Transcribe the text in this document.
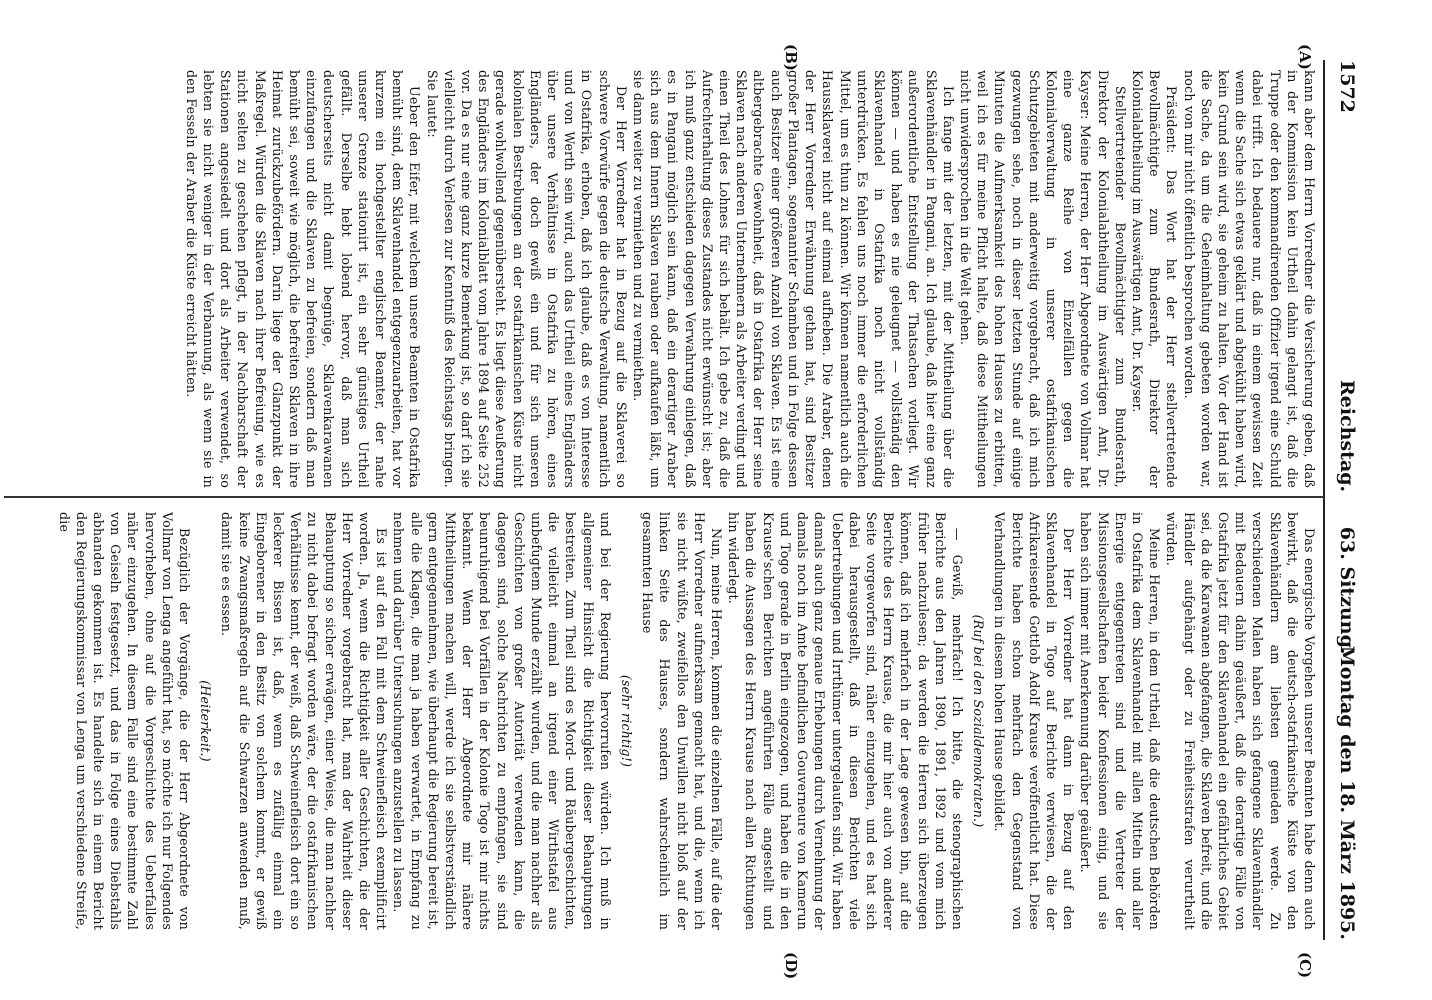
1572
Reichstag. 63. Sitzung.
Montag den 18. März 1895.
(A)
(B)
(C)
(D)

kann aber dem Herrn Vorredner die Versicherung geben, daß in der Kommission kein Urtheil dahin gelangt ist, daß die Truppe oder den kommandirenden Offizier irgend eine Schuld dabei trifft. Ich bedauere nur, daß in einem gewissen Zeit wenn die Sache sich etwas geklärt und abgekühlt haben wird, kein Grund sein wird, sie geheim zu halten. Vor der Hand ist die Sache, da um die Geheimhaltung gebeten worden war, noch von mir nicht öffentlich besprochen worden.

Präsident: Das Wort hat der Herr stellvertretende Bevollmächtigte zum Bundesrath, Direktor der Kolonialabtheilung im Auswärtigen Amt, Dr. Kayser.

Stellvertretender Bevollmächtigter zum Bundesrath, Direktor der Kolonialabtheilung im Auswärtigen Amt, Dr. Kayser: Meine Herren, der Herr Abgeordnete von Vollmar hat eine ganze Reihe von Einzelfällen gegen die Kolonialverwaltung in unserer ostafrikanischen Schutzgebieten mit anderweitig vorgebracht, daß ich mich gezwungen sehe, noch in dieser letzten Stunde auf einige Minuten die Aufmerksamkeit des hohen Hauses zu erbitten, weil ich es für meine Pflicht halte, daß diese Mittheilungen nicht unwidersprochen in die Welt gehen.

Ich fange mit der letzten, mit der Mittheilung über die Sklavenhändler in Pangani, an. Ich glaube, daß hier eine ganz außerordentliche Entstellung der Thatsachen vorliegt. Wir können — und haben es nie geleugnet — vollständig den Sklavenhandel in Ostafrika noch nicht vollständig unterdrücken. Es fehlen uns noch immer die erforderlichen Mittel, um es thun zu können. Wir können namentlich auch die Haussklaverei nicht auf einmal aufheben. Die Araber, denen der Herr Vorredner Erwähnung gethan hat, sind Besitzer großer Plantagen, sogenannter Schamben und in Folge dessen auch Besitzer einer größeren Anzahl von Sklaven. Es ist eine altbergebrachte Gewohnheit, daß in Ostafrika der Herr seine Sklaven nach anderen Unternehmern als Arbeiter verdingt und einen Theil des Lohnes für sich behält. Ich gebe zu, daß die Aufrechterhaltung dieses Zustandes nicht erwünscht ist; aber ich muß ganz entschieden dagegen Verwahrung einlegen, daß es in Pangani möglich sein kann, daß ein derartiger Araber sich aus dem Innern Sklaven rauben oder aufkaufen läßt, um sie dann weiter zu vermiethen und zu vermiethen.

Der Herr Vorredner hat in Bezug auf die Sklaverei so schwere Vorwürfe gegen die deutsche Verwaltung, namentlich in Ostafrika, erhoben, daß ich glaube, daß es von Interesse und von Werth sein wird, auch das Urtheil eines Engländers über unsere Verhältnisse in Ostafrika zu hören, eines Engländers, der doch gewiß ein und für sich unseren kolonialen Bestrebungen an der ostafrikanischen Küste nicht gerade wohlwollend gegenübersteht. Es liegt diese Aeußerung des Engländers im Kolonialblatt vom Jahre 1894 auf Seite 252 vor. Da es nur eine ganz kurze Bemerkung ist, so darf ich sie vielleicht durch Verlesen zur Kenntniß des Reichstags bringen. Sie lautet:

Ueber den Eifer, mit welchem unsere Beamten in Ostafrika bemüht sind, dem Sklavenhandel entgegenzuarbeiten, hat vor kurzem ein hochgestellter englischer Beamter, der nahe unserer Grenze stationirt ist, ein sehr günstiges Urtheil gefällt. Derselbe hebt lobend hervor, daß man sich deutscherseits nicht damit begnüge, Sklavenkarawanen einzufangen und die Sklaven zu befreien, sondern daß man bemüht sei, soweit wie möglich, die befreiten Sklaven in ihre Heimat zurückzubefördern. Darin liege der Glanzpunkt der Maßregel. Würden die Sklaven nach ihrer Befreiung, wie es nicht selten zu geschehen pflegt, in der Nachbarschaft der Stationen angesiedelt und dort als Arbeiter verwendet, so lebten sie nicht weniger in der Verbannung, als wenn sie in den Fesseln der Araber die Küste erreicht hätten.

Das energische Vorgehen unserer Beamten habe denn auch bewirkt, daß die deutsch-ostafrikanische Küste von den Sklavenhändlern am liebsten gemieden werde. Zu verschiedenen Malen haben sich gefangene Sklavenhändler mit Bedauern dahin geäußert, daß die derartige Fälle von Ostafrika jetzt für den Sklavenhandel ein gefährliches Gebiet sei, da die Karawanen abgefangen, die Sklaven befreit, und die Händler aufgehängt oder zu Freiheitsstrafen verurtheilt würden.

Meine Herren, in dem Urtheil, daß die deutschen Behörden in Ostafrika dem Sklavenhandel mit allen Mitteln und aller Energie entgegentreten sind und die Vertreter der Missionsgesellschaften beider Konfessionen einig, und sie haben sich immer mit Anerkennung darüber geäußert.

Der Herr Vorredner hat dann in Bezug auf den Sklavenhandel in Togo auf Berichte verwiesen, die der Afrikareisende Gottlob Adolf Krause veröffentlicht hat. Diese Berichte haben schon mehrfach den Gegenstand von Verhandlungen in diesem hohen Hause gebildet.

(Ruf bei den Sozialdemokraten.)

— Gewiß, mehrfach! Ich bitte, die stenographischen Berichte aus den Jahren 1890, 1891, 1892 und vom mich früher nachzulesen; da werden die Herren sich überzeugen können, daß ich mehrfach in der Lage gewesen bin, auf die Berichte des Herrn Krause, die mir hier auch von anderer Seite vorgeworfen sind, näher einzugehen, und es hat sich dabei herausgestellt, daß in diesen Berichten viele Uebertreibungen und Irrthümer untergelaufen sind. Wir haben damals auch ganz genaue Erhebungen durch Vernehmung der damals noch im Amte befindlichen Gouverneure von Kamerun und Togo gerade in Berlin eingezogen, und haben die in den Krause'schen Berichten angeführten Fälle angestellt und haben die Aussagen des Herrn Krause nach allen Richtungen hin widerlegt.

Nun, meine Herren, kommen die einzelnen Fälle, auf die der Herr Vorredner aufmerksam gemacht hat, und die, wenn ich sie nicht wüßte, zweifellos den Unwillen nicht bloß auf der linken Seite des Hauses, sondern wahrscheinlich im gesammten Hause

(sehr richtig!)

und bei der Regierung hervorrufen würden. Ich muß in allgemeiner Hinsicht die Richtigkeit dieser Behauptungen bestreiten. Zum Theil sind es Mord- und Räubergeschichten, die vielleicht einmal an irgend einer Wirthstafel aus unbefugtem Munde erzählt wurden, und die man nachher als Geschichten von großer Autorität verwenden kann, die dagegen sind, solche Nachrichten zu empfangen, sie sind beunruhigend bei Vorfällen in der Kolonie Togo ist mir nichts bekannt. Wenn der Herr Abgeordnete mir nähere Mittheilungen machen will, werde ich sie selbstverständlich gern entgegennehmen, wie überhaupt die Regierung bereit ist, alle die Klagen, die man ja haben verwartet, in Empfang zu nehmen und darüber Untersuchungen anzustellen zu lassen.

Es ist auf den Fall mit dem Schweinefleisch exemplificirt worden. Ja, wenn die Richtigkeit aller Geschichten, die der Herr Vorredner vorgebracht hat, man der Wahrheit dieser Behauptung so sicher erwägen, einer Weise, die man nachher zu nicht dabei befragt worden wäre, der die ostafrikanischen Verhältnisse kennt, der weiß, daß Schweinefleisch dort ein so leckerer Bissen ist, daß, wenn es zufällig einmal ein Eingeborener in den Besitz von solchem kommt, er gewiß keine Zwangsmaßregeln auf die Schwarzen anwenden muß, damit sie es essen.

(Heiterkeit.)

Bezüglich der Vorgänge, die der Herr Abgeordnete von Vollmar von Lenga angeführt hat, so möchte ich nur Folgendes hervorheben, ohne auf die Vorgeschichte des Ueberfalles näher einzugehen. In diesem Falle sind eine bestimmte Zahl von Geiseln festgesetzt, und das in Folge eines Diebstahls abhanden gekommen ist. Es handelte sich in einem Bericht den Regierungskommissar von Lenga um verschiedene Streife, die
